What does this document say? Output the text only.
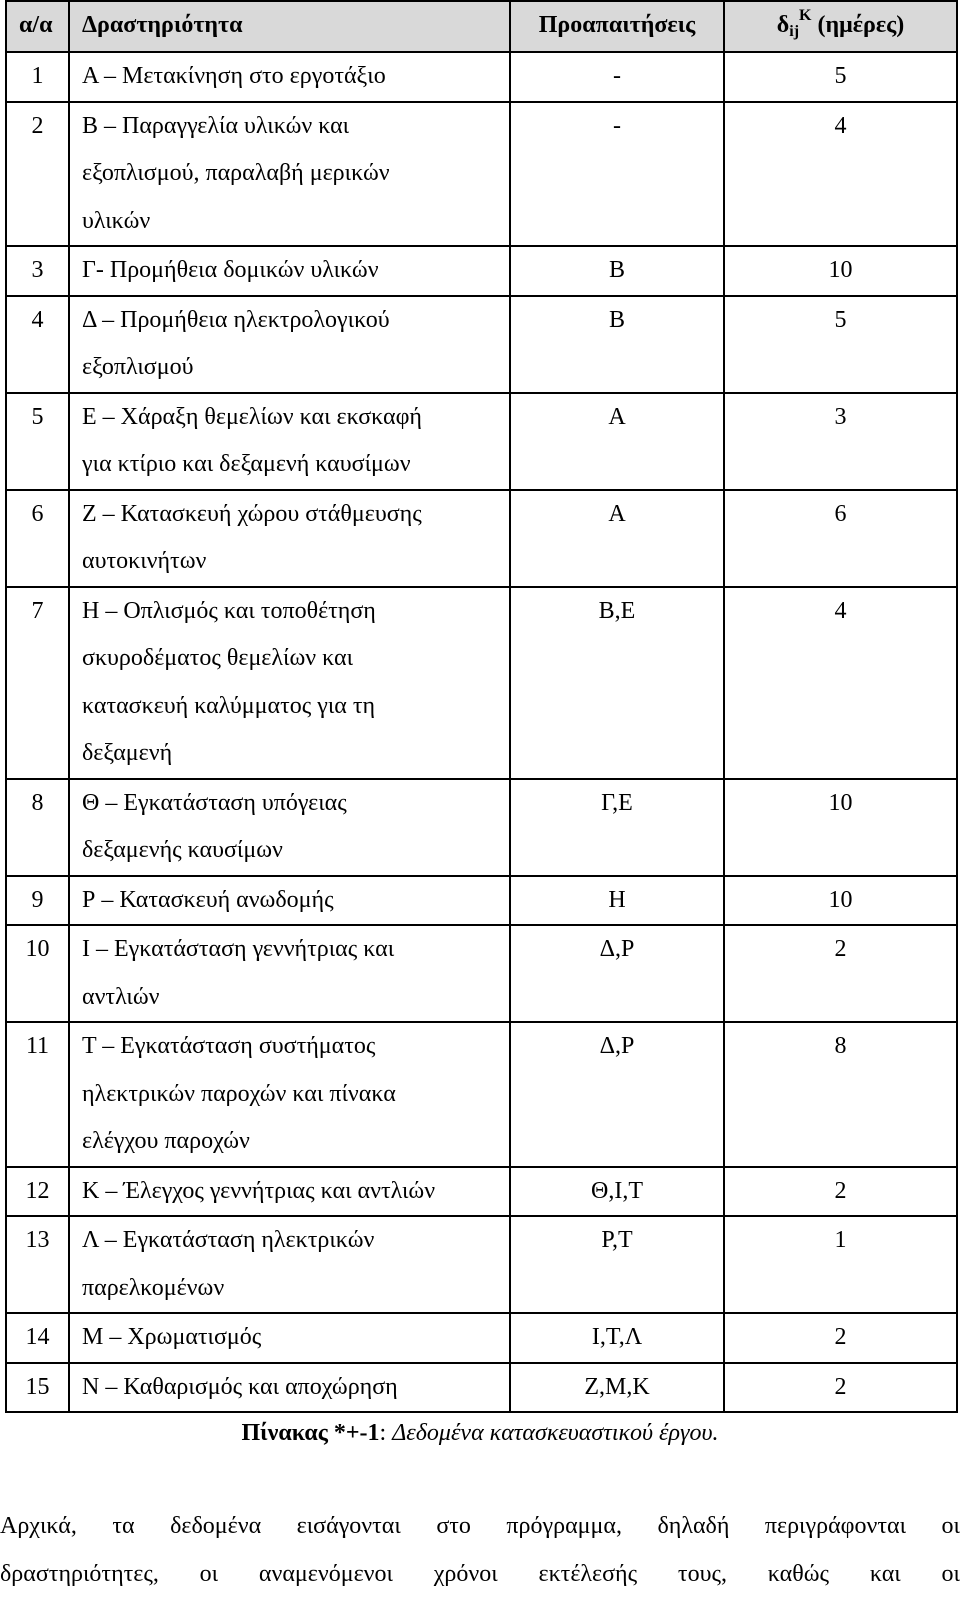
α/α	Δραστηριότητα	Προαπαιτήσεις	δij$^K$ (ημέρες)
1	Α – Μετακίνηση στο εργοτάξιο	-	5
2	Β – Παραγγελία υλικών και
εξοπλισμού, παραλαβή μερικών
υλικών	-	4
3	Γ- Προμήθεια δομικών υλικών	Β	10
4	Δ – Προμήθεια ηλεκτρολογικού
εξοπλισμού	Β	5
5	Ε – Χάραξη θεμελίων και εκσκαφή
για κτίριο και δεξαμενή καυσίμων	Α	3
6	Ζ – Κατασκευή χώρου στάθμευσης
αυτοκινήτων	Α	6
7	Η – Οπλισμός και τοποθέτηση
σκυροδέματος θεμελίων και
κατασκευή καλύμματος για τη
δεξαμενή	Β,Ε	4
8	Θ – Εγκατάσταση υπόγειας
δεξαμενής καυσίμων	Γ,Ε	10
9	Ρ – Κατασκευή ανωδομής	Η	10
10	Ι – Εγκατάσταση γεννήτριας και
αντλιών	Δ,Ρ	2
11	Τ – Εγκατάσταση συστήματος
ηλεκτρικών παροχών και πίνακα
ελέγχου παροχών	Δ,Ρ	8
12	Κ – Έλεγχος γεννήτριας και αντλιών	Θ,Ι,Τ	2
13	Λ – Εγκατάσταση ηλεκτρικών
παρελκομένων	Ρ,Τ	1
14	Μ – Χρωματισμός	Ι,Τ,Λ	2
15	Ν – Καθαρισμός και αποχώρηση	Ζ,Μ,Κ	2
Πίνακας *+-1: Δεδομένα κατασκευαστικού έργου.
Αρχικά, τα δεδομένα εισάγονται στο πρόγραμμα, δηλαδή περιγράφονται οι
δραστηριότητες, οι αναμενόμενοι χρόνοι εκτέλεσής τους, καθώς και οι
